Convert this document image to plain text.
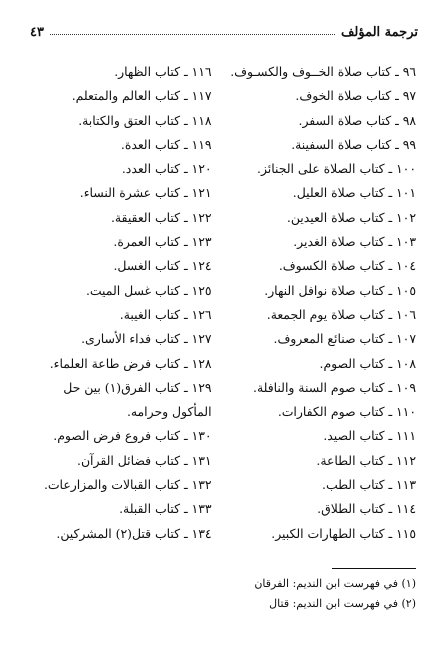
ترجمة المؤلف
٤٣
٩٦ ـ كتاب صلاة الخــوف والكسـوف.
٩٧ ـ كتاب صلاة الخوف.
٩٨ ـ كتاب صلاة السفر.
٩٩ ـ كتاب صلاة السفينة.
١٠٠ ـ كتاب الصلاة على الجنائز.
١٠١ ـ كتاب صلاة العليل.
١٠٢ ـ كتاب صلاة العيدين.
١٠٣ ـ كتاب صلاة الغدير.
١٠٤ ـ كتاب صلاة الكسوف.
١٠٥ ـ كتاب صلاة نوافل النهار.
١٠٦ ـ كتاب صلاة يوم الجمعة.
١٠٧ ـ كتاب صنائع المعروف.
١٠٨ ـ كتاب الصوم.
١٠٩ ـ كتاب صوم السنة والنافلة.
١١٠ ـ كتاب صوم الكفارات.
١١١ ـ كتاب الصيد.
١١٢ ـ كتاب الطاعة.
١١٣ ـ كتاب الطب.
١١٤ ـ كتاب الطلاق.
١١٥ ـ كتاب الطهارات الكبير.
١١٦ ـ كتاب الظهار.
١١٧ ـ كتاب العالم والمتعلم.
١١٨ ـ كتاب العتق والكتابة.
١١٩ ـ كتاب العدة.
١٢٠ ـ كتاب العدد.
١٢١ ـ كتاب عشرة النساء.
١٢٢ ـ كتاب العقيقة.
١٢٣ ـ كتاب العمرة.
١٢٤ ـ كتاب الغسل.
١٢٥ ـ كتاب غسل الميت.
١٢٦ ـ كتاب الغيبة.
١٢٧ ـ كتاب فداء الأسارى.
١٢٨ ـ كتاب فرض طاعة العلماء.
١٢٩ ـ كتاب الفرق(١) بين حل المأكول وحرامه.
١٣٠ ـ كتاب فروع فرض الصوم.
١٣١ ـ كتاب فضائل القرآن.
١٣٢ ـ كتاب القبالات والمزارعات.
١٣٣ ـ كتاب القبلة.
١٣٤ ـ كتاب قتل(٢) المشركين.
(١) في فهرست ابن النديم: الفرقان
(٢) في فهرست ابن النديم: قتال
